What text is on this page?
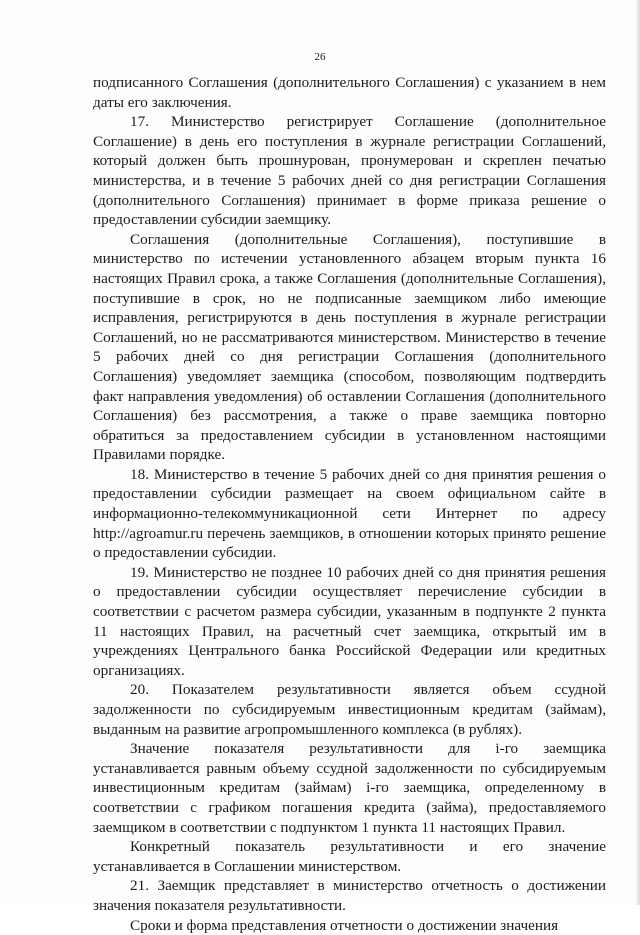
26

подписанного Соглашения (дополнительного Соглашения) с указанием в нем даты его заключения.

17. Министерство регистрирует Соглашение (дополнительное Соглашение) в день его поступления в журнале регистрации Соглашений, который должен быть прошнурован, пронумерован и скреплен печатью министерства, и в течение 5 рабочих дней со дня регистрации Соглашения (дополнительного Соглашения) принимает в форме приказа решение о предоставлении субсидии заемщику.

Соглашения (дополнительные Соглашения), поступившие в министерство по истечении установленного абзацем вторым пункта 16 настоящих Правил срока, а также Соглашения (дополнительные Соглашения), поступившие в срок, но не подписанные заемщиком либо имеющие исправления, регистрируются в день поступления в журнале регистрации Соглашений, но не рассматриваются министерством. Министерство в течение 5 рабочих дней со дня регистрации Соглашения (дополнительного Соглашения) уведомляет заемщика (способом, позволяющим подтвердить факт направления уведомления) об оставлении Соглашения (дополнительного Соглашения) без рассмотрения, а также о праве заемщика повторно обратиться за предоставлением субсидии в установленном настоящими Правилами порядке.

18. Министерство в течение 5 рабочих дней со дня принятия решения о предоставлении субсидии размещает на своем официальном сайте в информационно-телекоммуникационной сети Интернет по адресу http://agroamur.ru перечень заемщиков, в отношении которых принято решение о предоставлении субсидии.

19. Министерство не позднее 10 рабочих дней со дня принятия решения о предоставлении субсидии осуществляет перечисление субсидии в соответствии с расчетом размера субсидии, указанным в подпункте 2 пункта 11 настоящих Правил, на расчетный счет заемщика, открытый им в учреждениях Центрального банка Российской Федерации или кредитных организациях.

20. Показателем результативности является объем ссудной задолженности по субсидируемым инвестиционным кредитам (займам), выданным на развитие агропромышленного комплекса (в рублях).

Значение показателя результативности для i-го заемщика устанавливается равным объему ссудной задолженности по субсидируемым инвестиционным кредитам (займам) i-го заемщика, определенному в соответствии с графиком погашения кредита (займа), предоставляемого заемщиком в соответствии с подпунктом 1 пункта 11 настоящих Правил.

Конкретный показатель результативности и его значение устанавливается в Соглашении министерством.

21. Заемщик представляет в министерство отчетность о достижении значения показателя результативности.

Сроки и форма представления отчетности о достижении значения
